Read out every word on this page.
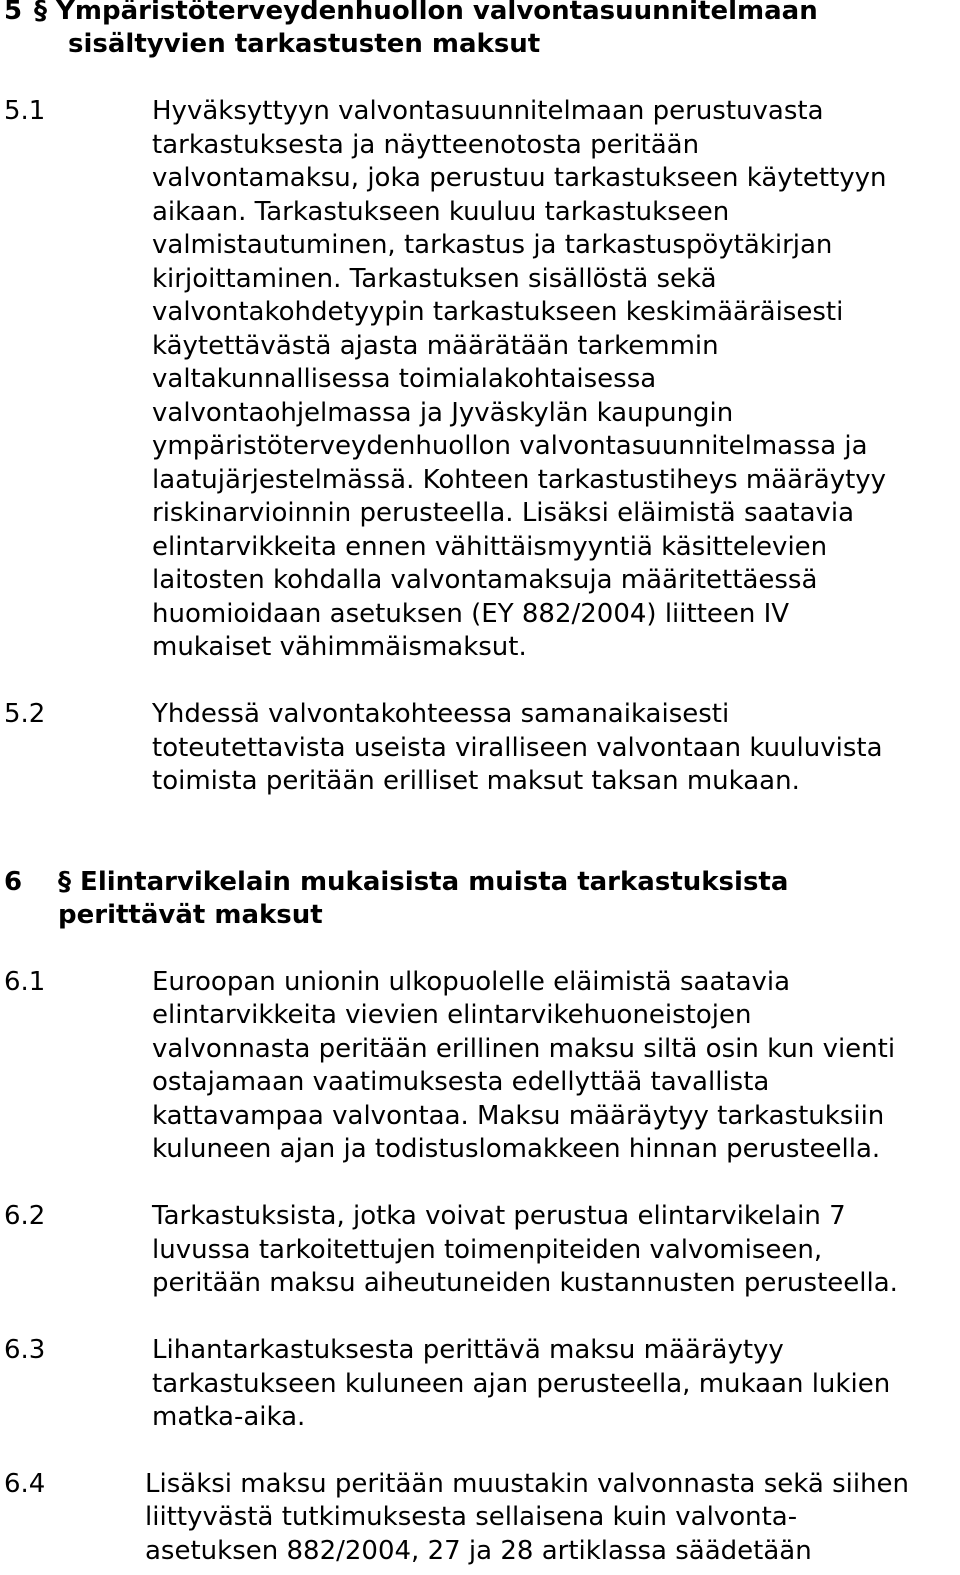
5 § Ympäristöterveydenhuollon valvontasuunnitelmaan
sisältyvien tarkastusten maksut
5.1	Hyväksyttyyn valvontasuunnitelmaan perustuvasta
tarkastuksesta ja näytteenotosta peritään
valvontamaksu, joka perustuu tarkastukseen käytettyyn
aikaan. Tarkastukseen kuuluu tarkastukseen
valmistautuminen, tarkastus ja tarkastuspöytäkirjan
kirjoittaminen. Tarkastuksen sisällöstä sekä
valvontakohdetyypin tarkastukseen keskimääräisesti
käytettävästä ajasta määrätään tarkemmin
valtakunnallisessa toimialakohtaisessa
valvontaohjelmassa ja Jyväskylän kaupungin
ympäristöterveydenhuollon valvontasuunnitelmassa ja
laatujärjestelmässä. Kohteen tarkastustiheys määräytyy
riskinarvioinnin perusteella. Lisäksi eläimistä saatavia
elintarvikkeita ennen vähittäismyyntiä käsittelevien
laitosten kohdalla valvontamaksuja määritettäessä
huomioidaan asetuksen (EY 882/2004) liitteen IV
mukaiset vähimmäismaksut.
5.2	Yhdessä valvontakohteessa samanaikaisesti
toteutettavista useista viralliseen valvontaan kuuluvista
toimista peritään erilliset maksut taksan mukaan.
6 § Elintarvikelain mukaisista muista tarkastuksista
perittävät maksut
6.1	Euroopan unionin ulkopuolelle eläimistä saatavia
elintarvikkeita vievien elintarvikehuoneistojen
valvonnasta peritään erillinen maksu siltä osin kun vienti
ostajamaan vaatimuksesta edellyttää tavallista
kattavampaa valvontaa. Maksu määräytyy tarkastuksiin
kuluneen ajan ja todistuslomakkeen hinnan perusteella.
6.2	Tarkastuksista, jotka voivat perustua elintarvikelain 7
luvussa tarkoitettujen toimenpiteiden valvomiseen,
peritään maksu aiheutuneiden kustannusten perusteella.
6.3	Lihantarkastuksesta perittävä maksu määräytyy
tarkastukseen kuluneen ajan perusteella, mukaan lukien
matka-aika.
6.4	Lisäksi maksu peritään muustakin valvonnasta sekä siihen
liittyvästä tutkimuksesta sellaisena kuin valvonta-
asetuksen 882/2004, 27 ja 28 artiklassa säädetään
